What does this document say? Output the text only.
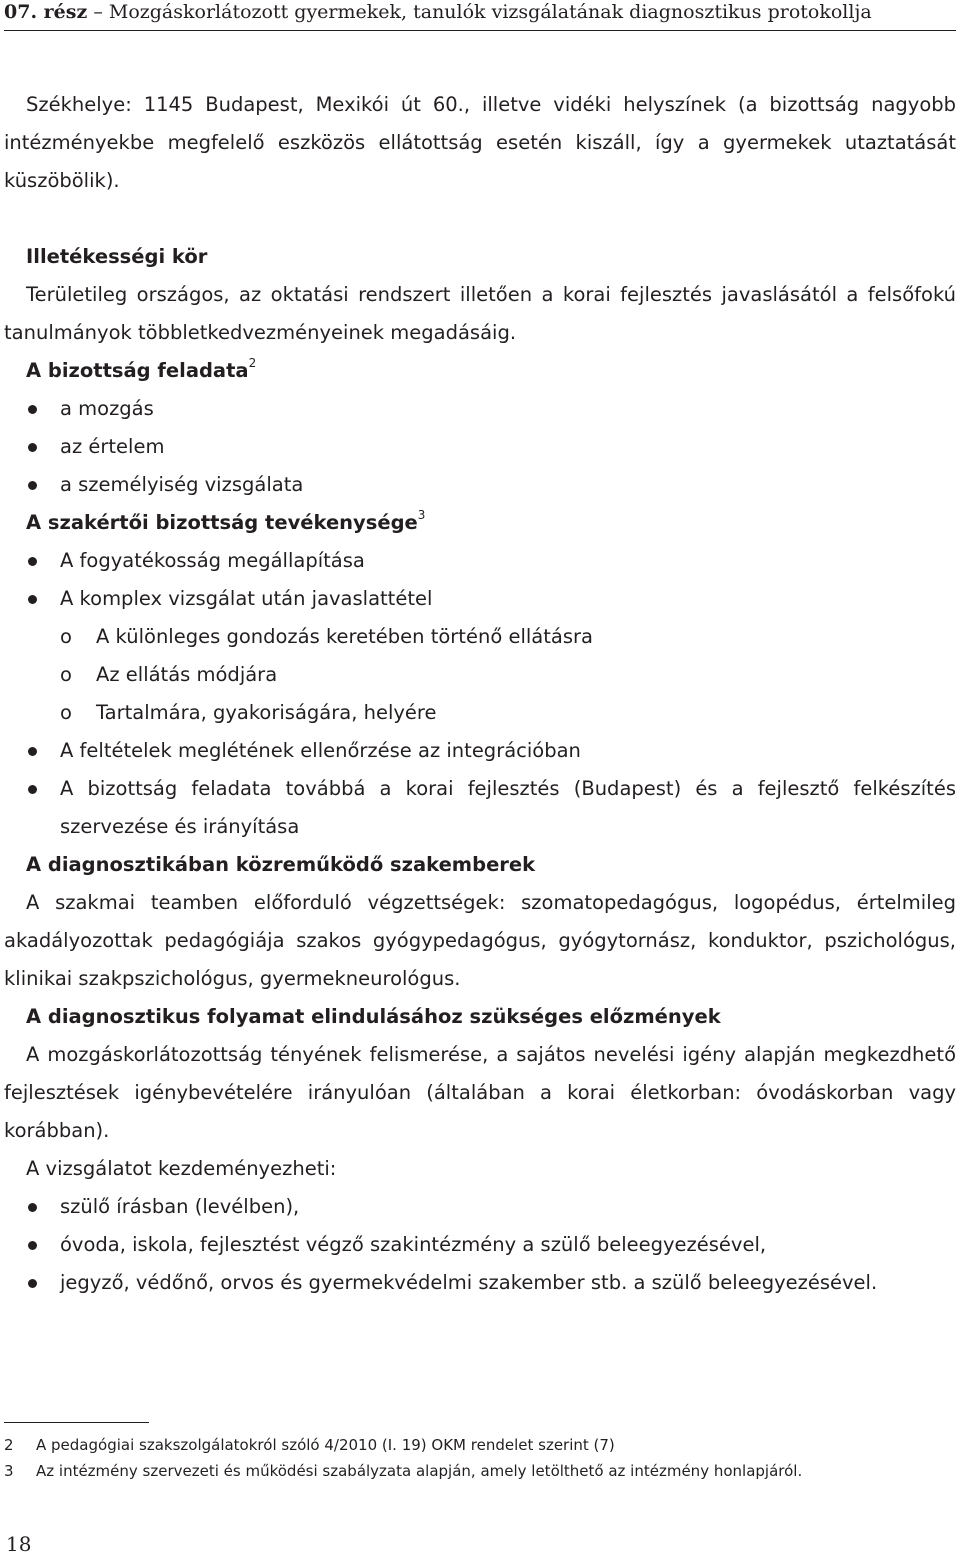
07. rész – Mozgáskorlátozott gyermekek, tanulók vizsgálatának diagnosztikus protokollja

Székhelye: 1145 Budapest, Mexikói út 60., illetve vidéki helyszínek (a bizottság nagyobb intézményekbe megfelelő eszközös ellátottság esetén kiszáll, így a gyermekek utaztatását küszöbölik).

Illetékességi kör

Területileg országos, az oktatási rendszert illetően a korai fejlesztés javaslásától a felsőfokú tanulmányok többletkedvezményeinek megadásáig.

A bizottság feladata$^2$

a mozgás
az értelem
a személyiség vizsgálata

A szakértői bizottság tevékenysége$^3$

A fogyatékosság megállapítása
A komplex vizsgálat után javaslattétel
o A különleges gondozás keretében történő ellátásra
o Az ellátás módjára
o Tartalmára, gyakoriságára, helyére
A feltételek meglétének ellenőrzése az integrációban
A bizottság feladata továbbá a korai fejlesztés (Budapest) és a fejlesztő felkészítés szervezése és irányítása

A diagnosztikában közreműködő szakemberek

A szakmai teamben előforduló végzettségek: szomatopedagógus, logopédus, értelmileg akadályozottak pedagógiája szakos gyógypedagógus, gyógytornász, konduktor, pszichológus, klinikai szakpszichológus, gyermekneurológus.

A diagnosztikus folyamat elindulásához szükséges előzmények

A mozgáskorlátozottság tényének felismerése, a sajátos nevelési igény alapján megkezdhető fejlesztések igénybevételére irányulóan (általában a korai életkorban: óvodáskorban vagy korábban).

A vizsgálatot kezdeményezheti:

szülő írásban (levélben),
óvoda, iskola, fejlesztést végző szakintézmény a szülő beleegyezésével,
jegyző, védőnő, orvos és gyermekvédelmi szakember stb. a szülő beleegyezésével.
2 A pedagógiai szakszolgálatokról szóló 4/2010 (I. 19) OKM rendelet szerint (7)
3 Az intézmény szervezeti és működési szabályzata alapján, amely letölthető az intézmény honlapjáról.
18
